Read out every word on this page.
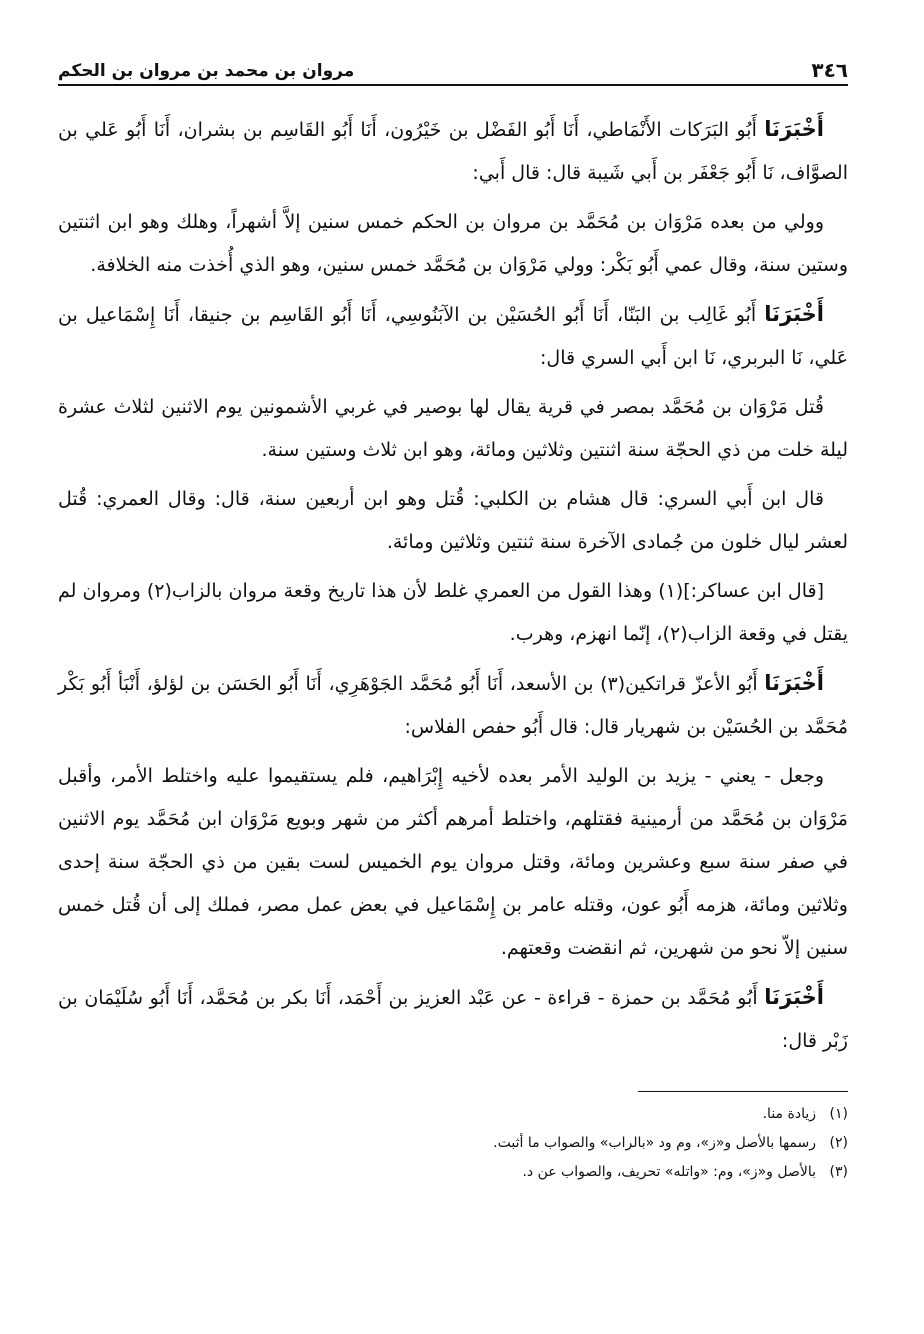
٣٤٦
مروان بن محمد بن مروان بن الحكم

أَخْبَرَنَا أَبُو البَرَكات الأَنْمَاطي، أَنَا أَبُو الفَضْل بن خَيْرُون، أَنَا أَبُو القَاسِم بن بشران، أَنَا أَبُو عَلي بن الصوَّاف، نَا أَبُو جَعْفَر بن أَبي شَيبة قال: قال أَبي:

وولي من بعده مَرْوَان بن مُحَمَّد بن مروان بن الحكم خمس سنين إلاَّ أشهراً، وهلك وهو ابن اثنتين وستين سنة، وقال عمي أَبُو بَكْر: وولي مَرْوَان بن مُحَمَّد خمس سنين، وهو الذي أُخذت منه الخلافة.

أَخْبَرَنَا أَبُو غَالِب بن البَنّا، أَنَا أَبُو الحُسَيْن بن الآبَنُوسِي، أَنَا أَبُو القَاسِم بن جنيقا، أَنَا إِسْمَاعيل بن عَلي، نَا البربري، نَا ابن أَبي السري قال:

قُتل مَرْوَان بن مُحَمَّد بمصر في قرية يقال لها بوصير في غربي الأشمونين يوم الاثنين لثلاث عشرة ليلة خلت من ذي الحجّة سنة اثنتين وثلاثين ومائة، وهو ابن ثلاث وستين سنة.

قال ابن أَبي السري: قال هشام بن الكلبي: قُتل وهو ابن أربعين سنة، قال: وقال العمري: قُتل لعشر ليال خلون من جُمادى الآخرة سنة ثنتين وثلاثين ومائة.

[قال ابن عساكر:](١) وهذا القول من العمري غلط لأن هذا تاريخ وقعة مروان بالزاب(٢) ومروان لم يقتل في وقعة الزاب(٢)، إنّما انهزم، وهرب.

أَخْبَرَنَا أَبُو الأعزّ قراتكين(٣) بن الأسعد، أَنَا أَبُو مُحَمَّد الجَوْهَرِي، أَنَا أَبُو الحَسَن بن لؤلؤ، أَنْبَأ أَبُو بَكْر مُحَمَّد بن الحُسَيْن بن شهريار قال: قال أَبُو حفص الفلاس:

وجعل - يعني - يزيد بن الوليد الأمر بعده لأخيه إِبْرَاهيم، فلم يستقيموا عليه واختلط الأمر، وأقبل مَرْوَان بن مُحَمَّد من أرمينية فقتلهم، واختلط أمرهم أكثر من شهر وبويع مَرْوَان ابن مُحَمَّد يوم الاثنين في صفر سنة سبع وعشرين ومائة، وقتل مروان يوم الخميس لست بقين من ذي الحجّة سنة إحدى وثلاثين ومائة، هزمه أَبُو عون، وقتله عامر بن إِسْمَاعيل في بعض عمل مصر، فملك إلى أن قُتل خمس سنين إلاّ نحو من شهرين، ثم انقضت وقعتهم.

أَخْبَرَنَا أَبُو مُحَمَّد بن حمزة - قراءة - عن عَبْد العزيز بن أَحْمَد، أَنَا بكر بن مُحَمَّد، أَنَا أَبُو سُلَيْمَان بن زَبْر قال:

(١)
زيادة منا.
(٢)
رسمها بالأصل و«ز»، وم ود «بالراب» والصواب ما أثبت.
(٣)
بالأصل و«ز»، وم: «واتله» تحريف، والصواب عن د.
